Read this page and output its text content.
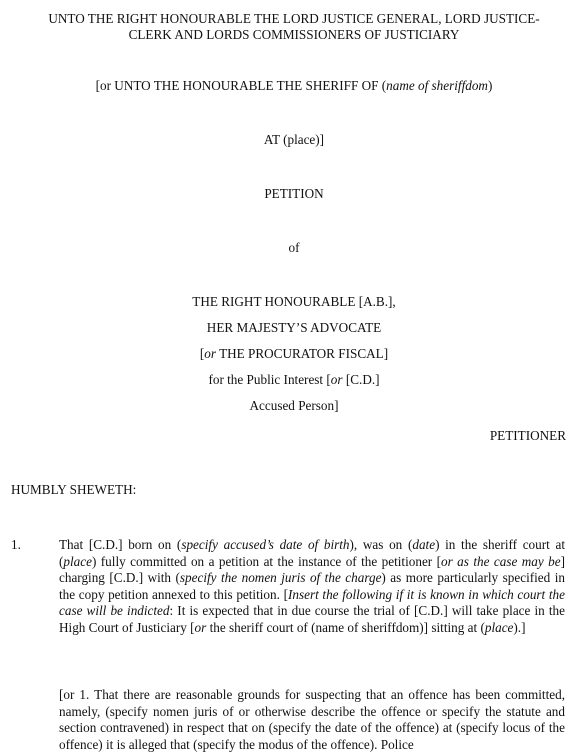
UNTO THE RIGHT HONOURABLE THE LORD JUSTICE GENERAL, LORD JUSTICE-
CLERK AND LORDS COMMISSIONERS OF JUSTICIARY
[or UNTO THE HONOURABLE THE SHERIFF OF (name of sheriffdom)
AT (place)]
PETITION
of
THE RIGHT HONOURABLE [A.B.],
HER MAJESTY’S ADVOCATE
[or THE PROCURATOR FISCAL]
for the Public Interest [or [C.D.]
Accused Person]
PETITIONER
HUMBLY SHEWETH:
1.	That [C.D.] born on (specify accused’s date of birth), was on (date) in the sheriff court at (place) fully committed on a petition at the instance of the petitioner [or as the case may be] charging [C.D.] with (specify the nomen juris of the charge) as more particularly specified in the copy petition annexed to this petition. [Insert the following if it is known in which court the case will be indicted: It is expected that in due course the trial of [C.D.] will take place in the High Court of Justiciary [or the sheriff court of (name of sheriffdom)] sitting at (place).]
[or 1. That there are reasonable grounds for suspecting that an offence has been committed, namely, (specify nomen juris of or otherwise describe the offence or specify the statute and section contravened) in respect that on (specify the date of the offence) at (specify locus of the offence) it is alleged that (specify the modus of the offence). Police
